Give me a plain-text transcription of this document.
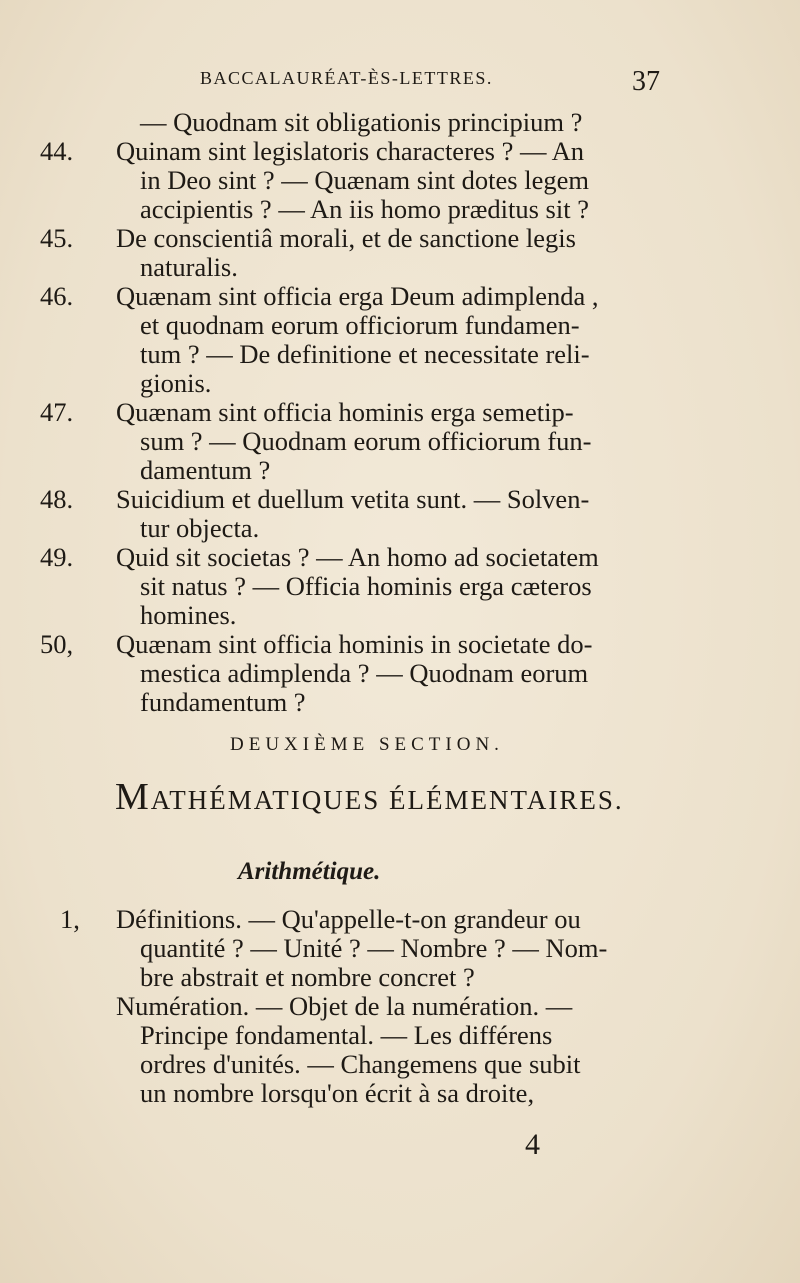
BACCALAURÉAT-ÈS-LETTRES.	37
— Quodnam sit obligationis principium ?
44.	Quinam sint legislatoris characteres ? — An
in Deo sint ? — Quænam sint dotes legem
accipientis ? — An iis homo præditus sit ?
45.	De conscientiâ morali, et de sanctione legis
naturalis.
46.	Quænam sint officia erga Deum adimplenda ,
et quodnam eorum officiorum fundamen-
tum ? — De definitione et necessitate reli-
gionis.
47.	Quænam sint officia hominis erga semetip-
sum ? — Quodnam eorum officiorum fun-
damentum ?
48.	Suicidium et duellum vetita sunt. — Solven-
tur objecta.
49.	Quid sit societas ? — An homo ad societatem
sit natus ? — Officia hominis erga cæteros
homines.
50,	Quænam sint officia hominis in societate do-
mestica adimplenda ? — Quodnam eorum
fundamentum ?
DEUXIÈME SECTION.
MATHÉMATIQUES ÉLÉMENTAIRES.
Arithmétique.
1,	Définitions. — Qu'appelle-t-on grandeur ou
quantité ? — Unité ? — Nombre ? — Nom-
bre abstrait et nombre concret ?
Numération. — Objet de la numération. —
Principe fondamental. — Les différens
ordres d'unités. — Changemens que subit
un nombre lorsqu'on écrit à sa droite,
4
